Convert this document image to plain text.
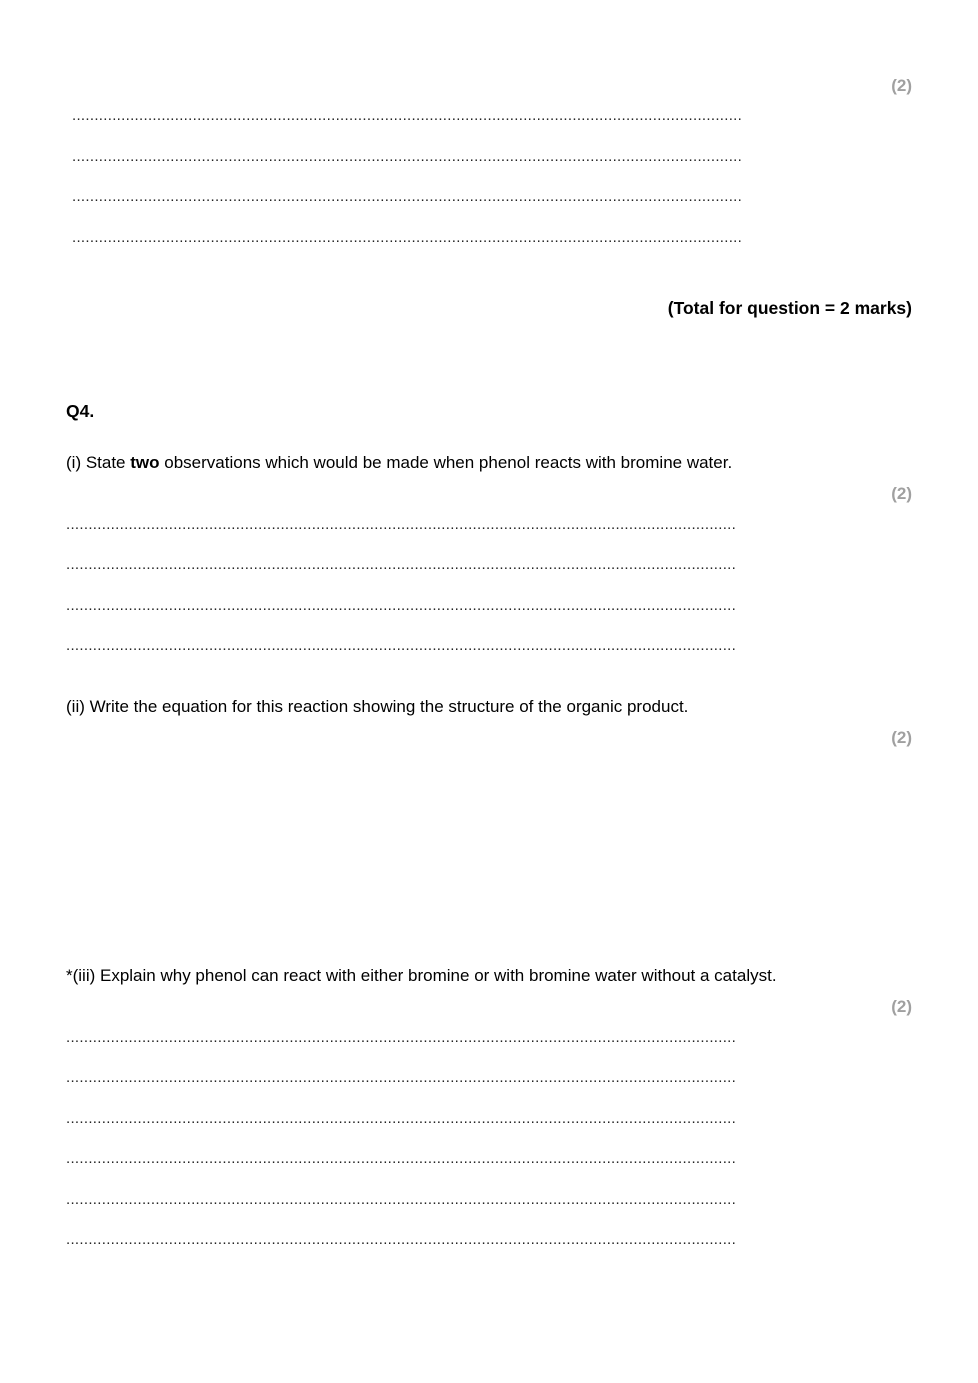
(2)
......................................................................................................................................................
......................................................................................................................................................
......................................................................................................................................................
......................................................................................................................................................
(Total for question = 2 marks)
Q4.
(i) State two observations which would be made when phenol reacts with bromine water.
(2)
......................................................................................................................................................
......................................................................................................................................................
......................................................................................................................................................
......................................................................................................................................................
(ii) Write the equation for this reaction showing the structure of the organic product.
(2)
*(iii) Explain why phenol can react with either bromine or with bromine water without a catalyst.
(2)
......................................................................................................................................................
......................................................................................................................................................
......................................................................................................................................................
......................................................................................................................................................
......................................................................................................................................................
......................................................................................................................................................
